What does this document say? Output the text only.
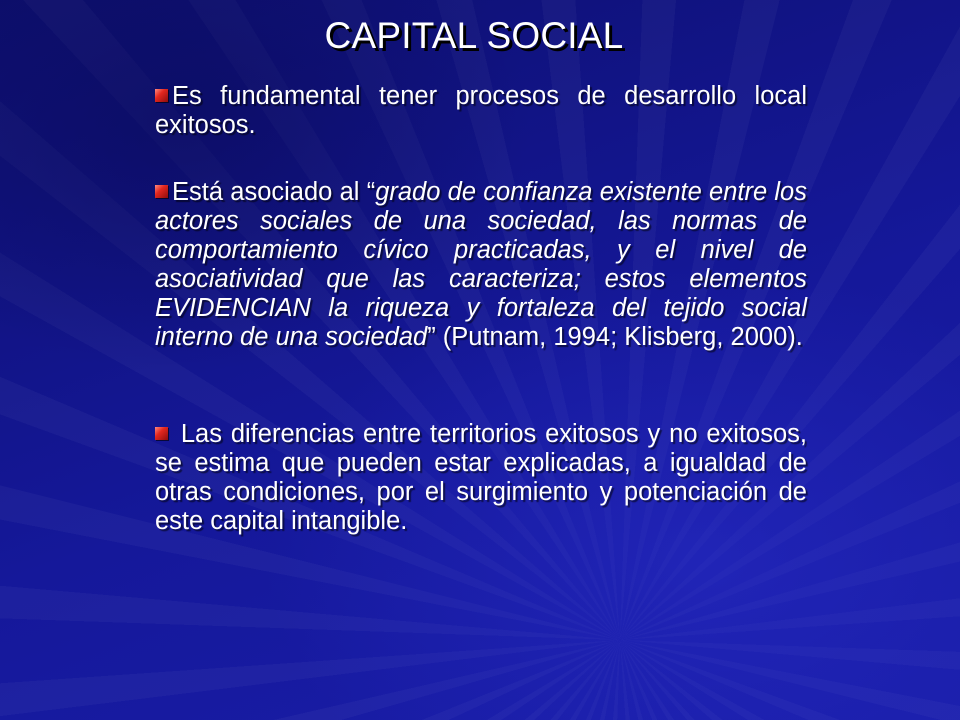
CAPITAL SOCIAL
Es fundamental tener procesos de desarrollo local exitosos.
Está asociado al “grado de confianza existente entre los actores sociales de una sociedad, las normas de comportamiento cívico practicadas, y el nivel de asociatividad que las caracteriza; estos elementos EVIDENCIAN la riqueza y fortaleza del tejido social interno de una sociedad” (Putnam, 1994; Klisberg, 2000).
Las diferencias entre territorios exitosos y no exitosos, se estima que pueden estar explicadas, a igualdad de otras condiciones, por el surgimiento y potenciación de este capital intangible.
